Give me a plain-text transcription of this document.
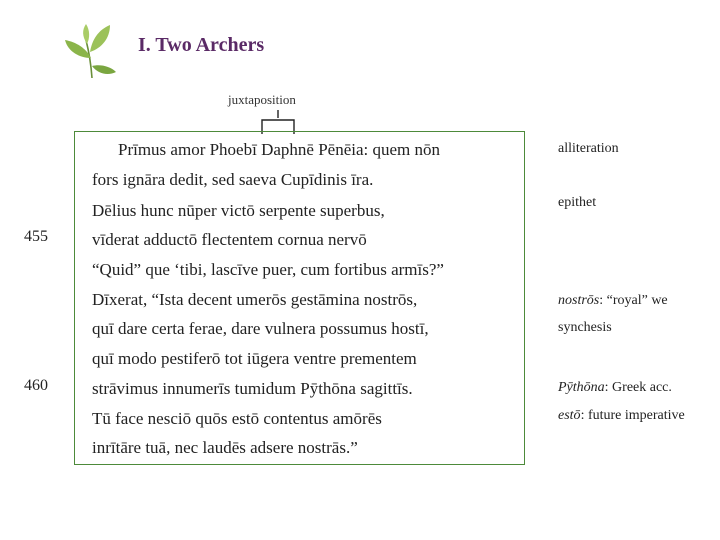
I. Two Archers
juxtaposition
455
460
Prīmus amor Phoebī Daphnē Pēnēia: quem nōn
fors ignāra dedit, sed saeva Cupīdinis īra.
Dēlius hunc nūper victō serpente superbus,
vīderat adductō flectentem cornua nervō
“Quid” que ‘tibi, lascīve puer, cum fortibus armīs?”
Dīxerat, “Ista decent umerōs gestāmina nostrōs,
quī dare certa ferae, dare vulnera possumus hostī,
quī modo pestiferō tot iūgera ventre prementem
strāvimus innumerīs tumidum Pӯthōna sagittīs.
Tū face nesciō quōs estō contentus amōrēs
inrītāre tuā, nec laudēs adsere nostrās.”
alliteration
epithet
nostrōs: “royal” we
synchesis
Pӯthōna: Greek acc.
estō: future imperative
